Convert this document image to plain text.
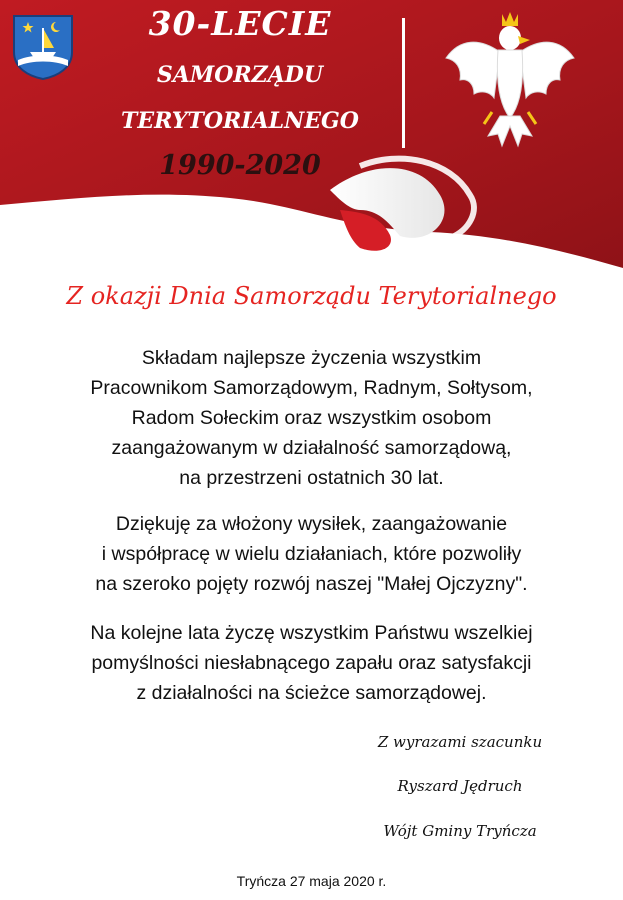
30-LECIE
SAMORZĄDU
TERYTORIALNEGO
1990-2020
Z okazji Dnia Samorządu Terytorialnego
Składam najlepsze życzenia wszystkim
Pracownikom Samorządowym, Radnym, Sołtysom,
Radom Sołeckim oraz wszystkim osobom
zaangażowanym w działalność samorządową,
na przestrzeni ostatnich 30 lat.
Dziękuję za włożony wysiłek, zaangażowanie
i współpracę w wielu działaniach, które pozwoliły
na szeroko pojęty rozwój naszej "Małej Ojczyzny".
Na kolejne lata życzę wszystkim Państwu wszelkiej
pomyślności niesłabnącego zapału oraz satysfakcji
z działalności na ścieżce samorządowej.
Z wyrazami szacunku
Ryszard Jędruch
Wójt Gminy Tryńcza
Tryńcza 27 maja 2020 r.
